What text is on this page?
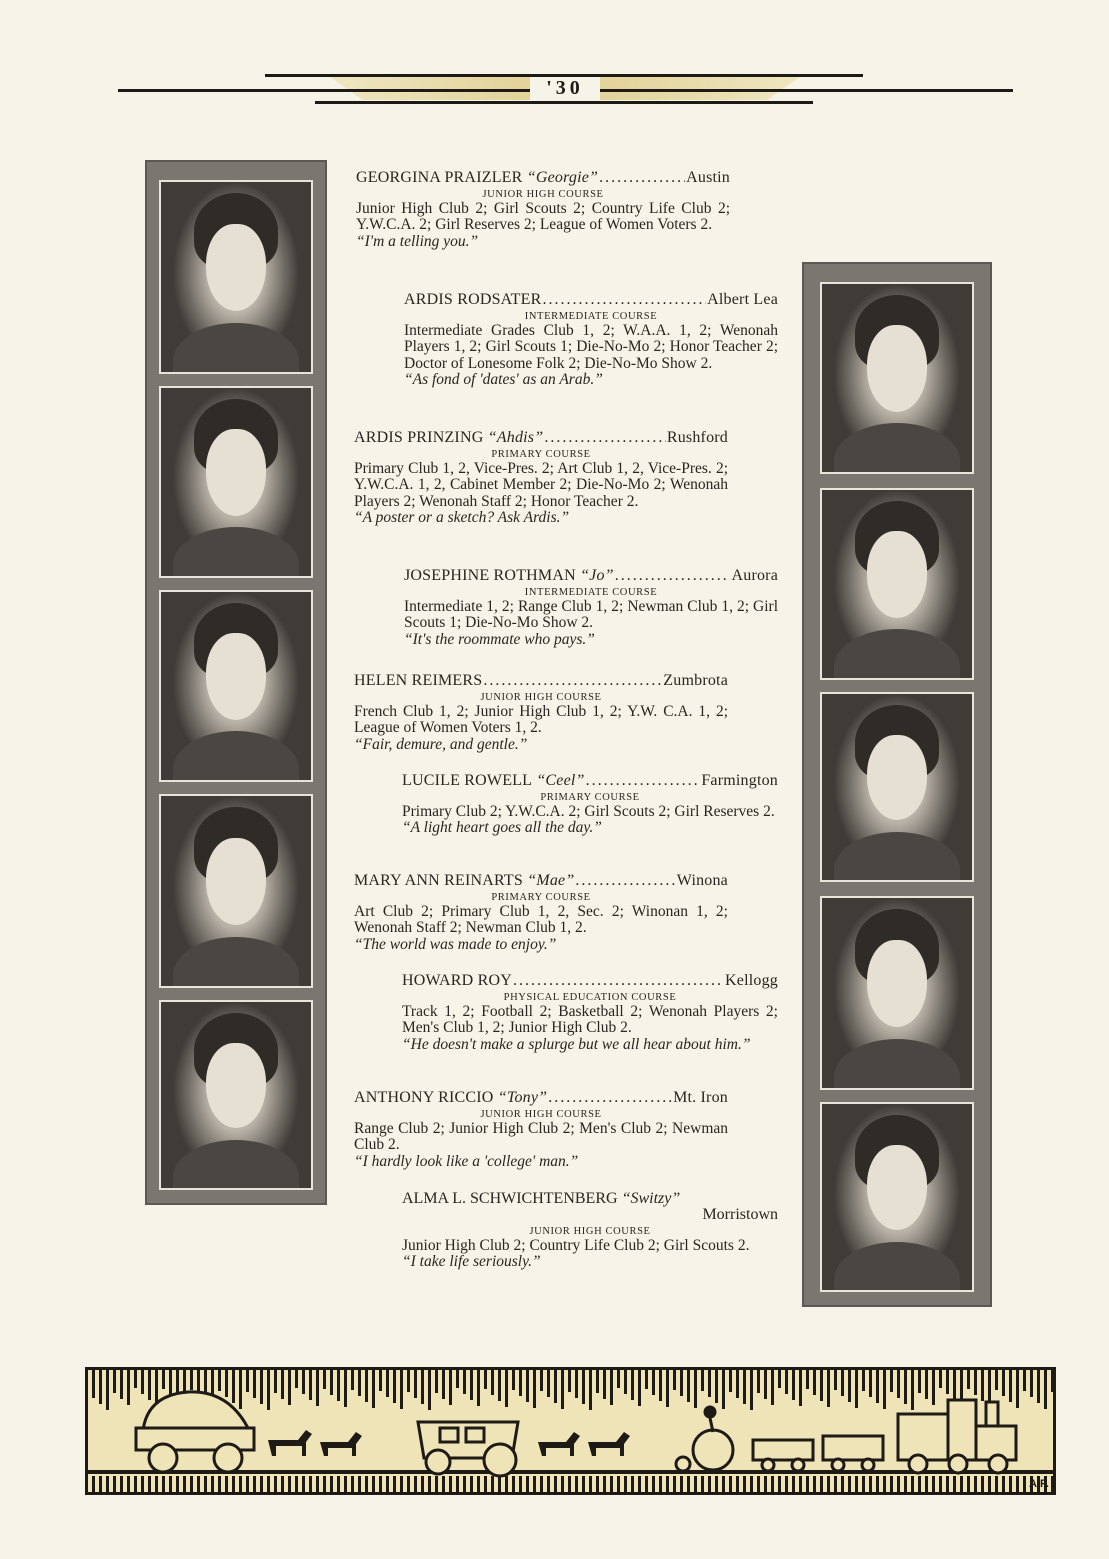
'30
GEORGINA PRAIZLER
“Georgie” .....	Austin
JUNIOR HIGH COURSE
Junior High Club 2; Girl Scouts 2; Country Life Club 2; Y.W.C.A. 2; Girl Reserves 2; League of Women Voters 2.
“I'm a telling you.”
ARDIS RODSATER .....	Albert Lea
INTERMEDIATE COURSE
Intermediate Grades Club 1, 2; W.A.A. 1, 2; Wenonah Players 1, 2; Girl Scouts 1; Die-No-Mo 2; Honor Teacher 2; Doctor of Lonesome Folk 2; Die-No-Mo Show 2.
“As fond of 'dates' as an Arab.”
ARDIS PRINZING
“Ahdis” .....	Rushford
PRIMARY COURSE
Primary Club 1, 2, Vice-Pres. 2; Art Club 1, 2, Vice-Pres. 2; Y.W.C.A. 1, 2, Cabinet Member 2; Die-No-Mo 2; Wenonah Players 2; Wenonah Staff 2; Honor Teacher 2.
“A poster or a sketch? Ask Ardis.”
JOSEPHINE ROTHMAN
“Jo” .....	Aurora
INTERMEDIATE COURSE
Intermediate 1, 2; Range Club 1, 2; Newman Club 1, 2; Girl Scouts 1; Die-No-Mo Show 2.
“It's the roommate who pays.”
HELEN REIMERS .....	Zumbrota
JUNIOR HIGH COURSE
French Club 1, 2; Junior High Club 1, 2; Y.W. C.A. 1, 2; League of Women Voters 1, 2.
“Fair, demure, and gentle.”
LUCILE ROWELL
“Ceel” .....	Farmington
PRIMARY COURSE
Primary Club 2; Y.W.C.A. 2; Girl Scouts 2; Girl Reserves 2.
“A light heart goes all the day.”
MARY ANN REINARTS
“Mae” .....	Winona
PRIMARY COURSE
Art Club 2; Primary Club 1, 2, Sec. 2; Winonan 1, 2; Wenonah Staff 2; Newman Club 1, 2.
“The world was made to enjoy.”
HOWARD ROY .....	Kellogg
PHYSICAL EDUCATION COURSE
Track 1, 2; Football 2; Basketball 2; Wenonah Players 2; Men's Club 1, 2; Junior High Club 2.
“He doesn't make a splurge but we all hear about him.”
ANTHONY RICCIO
“Tony” .....	Mt. Iron
JUNIOR HIGH COURSE
Range Club 2; Junior High Club 2; Men's Club 2; Newman Club 2.
“I hardly look like a 'college' man.”
ALMA L. SCHWICHTENBERG “Switzy”
Morristown
JUNIOR HIGH COURSE
Junior High Club 2; Country Life Club 2; Girl Scouts 2.
“I take life seriously.”
A.P.
